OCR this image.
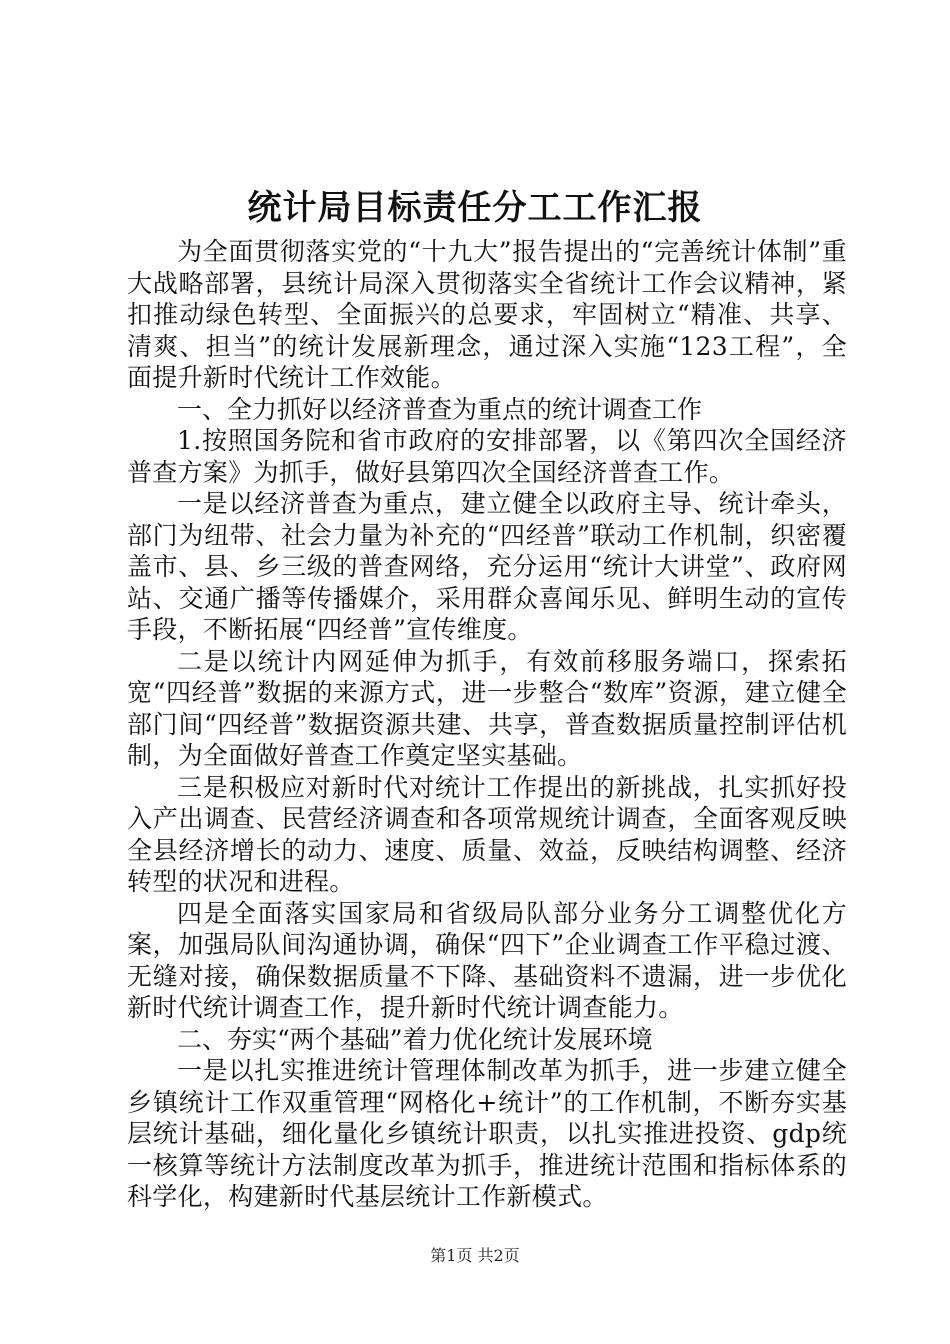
统计局目标责任分工工作汇报

为全面贯彻落实党的“十九大”报告提出的“完善统计体制”重大战略部署，县统计局深入贯彻落实全省统计工作会议精神，紧扣推动绿色转型、全面振兴的总要求，牢固树立“精准、共享、清爽、担当”的统计发展新理念，通过深入实施“123工程”，全面提升新时代统计工作效能。

一、全力抓好以经济普查为重点的统计调查工作

1.按照国务院和省市政府的安排部署，以《第四次全国经济普查方案》为抓手，做好县第四次全国经济普查工作。

一是以经济普查为重点，建立健全以政府主导、统计牵头，部门为纽带、社会力量为补充的“四经普”联动工作机制，织密覆盖市、县、乡三级的普查网络，充分运用“统计大讲堂”、政府网站、交通广播等传播媒介，采用群众喜闻乐见、鲜明生动的宣传手段，不断拓展“四经普”宣传维度。

二是以统计内网延伸为抓手，有效前移服务端口，探索拓宽“四经普”数据的来源方式，进一步整合“数库”资源，建立健全部门间“四经普”数据资源共建、共享，普查数据质量控制评估机制，为全面做好普查工作奠定坚实基础。

三是积极应对新时代对统计工作提出的新挑战，扎实抓好投入产出调查、民营经济调查和各项常规统计调查，全面客观反映全县经济增长的动力、速度、质量、效益，反映结构调整、经济转型的状况和进程。

四是全面落实国家局和省级局队部分业务分工调整优化方案，加强局队间沟通协调，确保“四下”企业调查工作平稳过渡、无缝对接，确保数据质量不下降、基础资料不遗漏，进一步优化新时代统计调查工作，提升新时代统计调查能力。

二、夯实“两个基础”着力优化统计发展环境

一是以扎实推进统计管理体制改革为抓手，进一步建立健全乡镇统计工作双重管理“网格化+统计”的工作机制，不断夯实基层统计基础，细化量化乡镇统计职责，以扎实推进投资、gdp统一核算等统计方法制度改革为抓手，推进统计范围和指标体系的科学化，构建新时代基层统计工作新模式。

第1页 共2页
